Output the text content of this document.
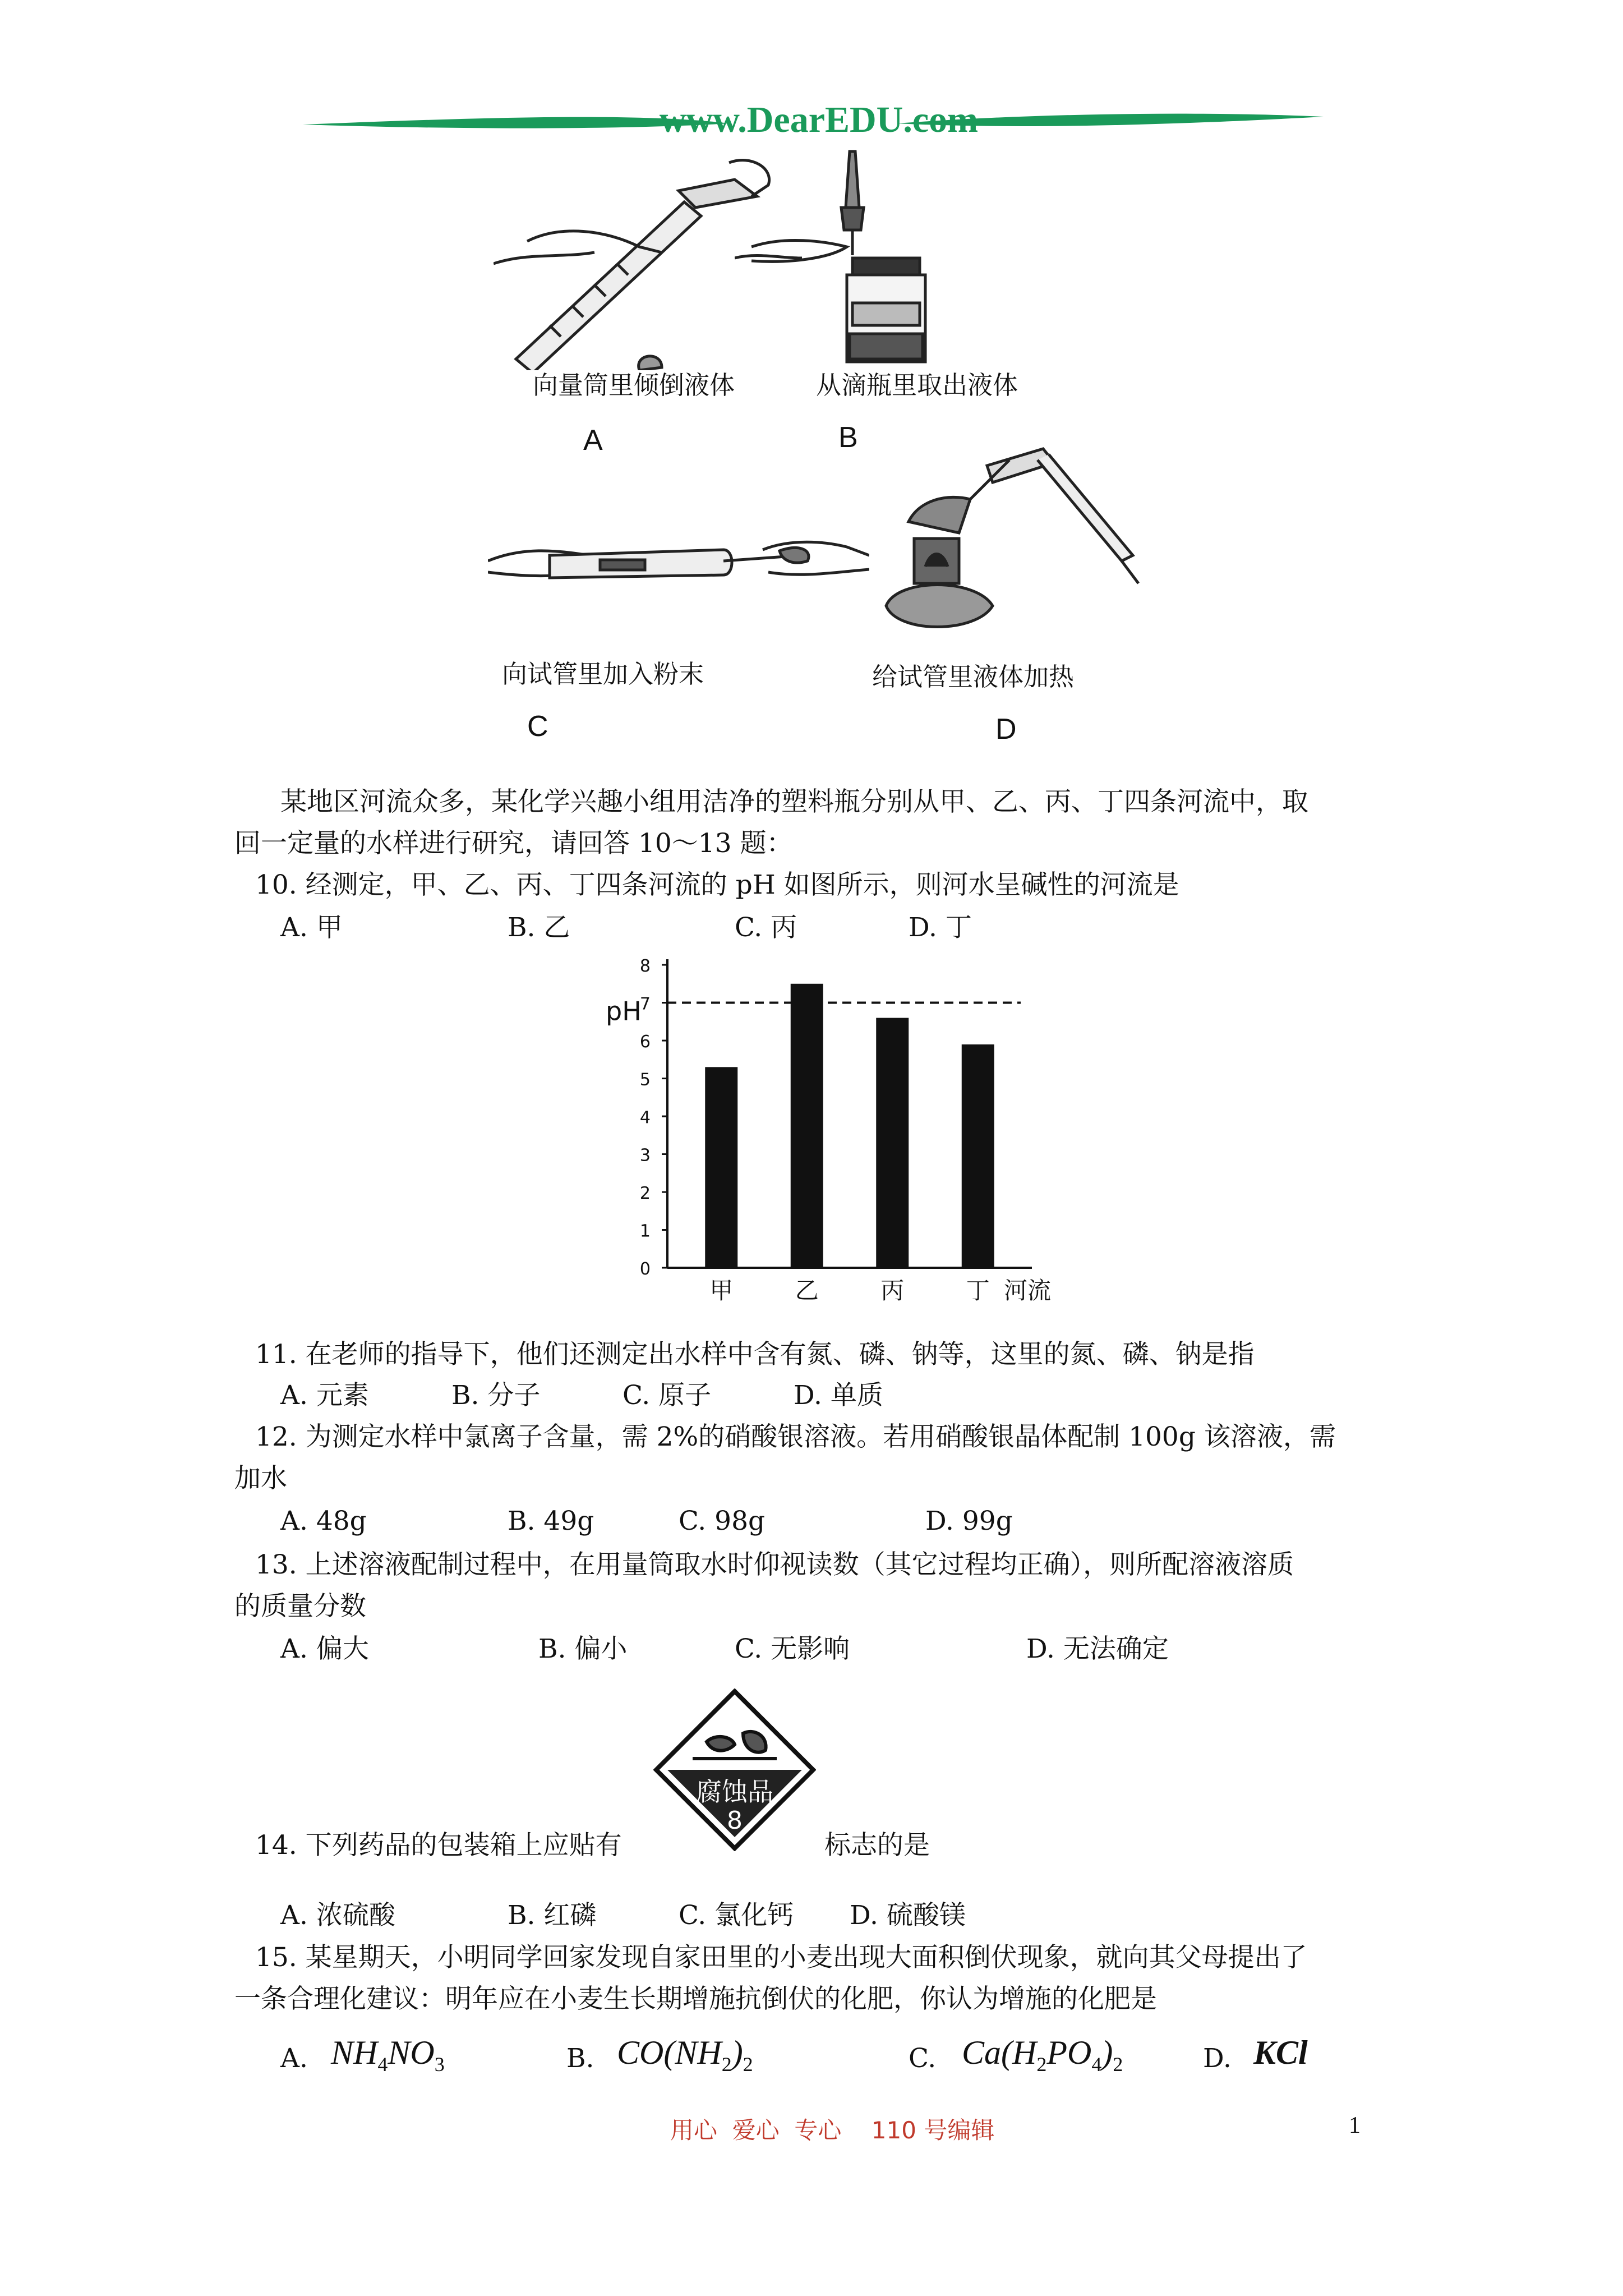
www.DearEDU.com
向量筒里倾倒液体
A
从滴瓶里取出液体
B
向试管里加入粉末
C
给试管里液体加热
D
某地区河流众多，某化学兴趣小组用洁净的塑料瓶分别从甲、乙、丙、丁四条河流中，取
回一定量的水样进行研究，请回答 10～13 题：
10. 经测定，甲、乙、丙、丁四条河流的 pH 如图所示，则河水呈碱性的河流是
A. 甲	B. 乙	C. 丙	D. 丁
0
1
2
3
4
5
6
7
8
pH
甲	乙	丙	丁 河流
11. 在老师的指导下，他们还测定出水样中含有氮、磷、钠等，这里的氮、磷、钠是指
A. 元素	B. 分子	C. 原子	D. 单质
12. 为测定水样中氯离子含量，需 2%的硝酸银溶液。若用硝酸银晶体配制 100g 该溶液，需
加水
A. 48g	B. 49g	C. 98g	D. 99g
13. 上述溶液配制过程中，在用量筒取水时仰视读数（其它过程均正确），则所配溶液溶质
的质量分数
A. 偏大	B. 偏小	C. 无影响	D. 无法确定
14. 下列药品的包装箱上应贴有
腐蚀品
8
标志的是
A. 浓硫酸	B. 红磷	C. 氯化钙 D. 硫酸镁
15. 某星期天，小明同学回家发现自家田里的小麦出现大面积倒伏现象，就向其父母提出了
一条合理化建议：明年应在小麦生长期增施抗倒伏的化肥，你认为增施的化肥是
A. $NH_4NO_3$	B. $CO(NH_2)_2$	C. $Ca(H_2PO_4)_2$	D. KCl
用心  爱心  专心    110 号编辑	1
